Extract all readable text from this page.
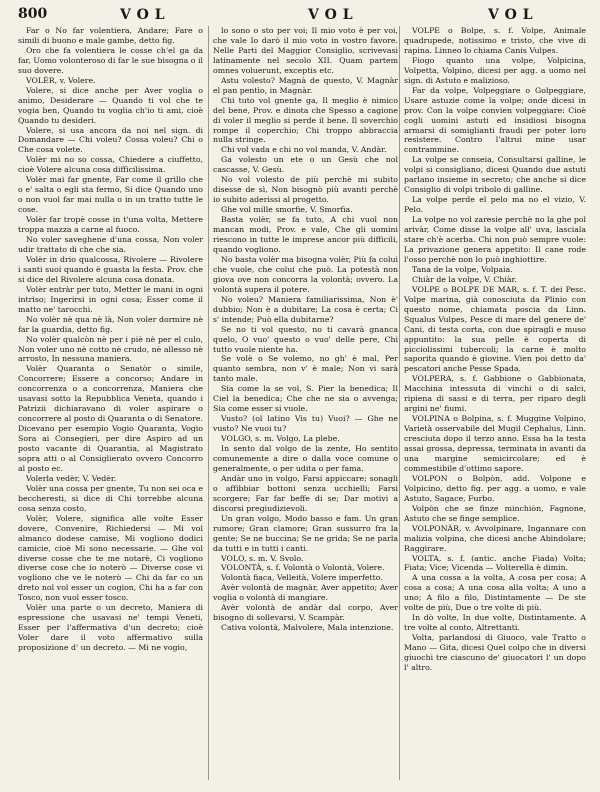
800	VOL	VOL	VOL

Far o No far volentiera, Andare; Fare o simili di buono e male gambe, detto fig.

Oro che fa volentiera le cosse ch'el ga da far, Uomo volonteroso di far le sue bisogna o il suo dovere.

VOLÈR, v. Volere.

Volere, si dice anche per Aver voglia o animo, Desiderare — Quando ti vol che te vogia ben, Quando tu voglia ch'io ti ami, cioè Quando tu desideri.

Volere, si usa ancora da noi nel sign. di Domandare — Chi voleu? Cossa voleu? Chi o Che cosa volete.

Volèr mi no so cossa, Chiedere a ciuffetto, cioè Volere alcuna cosa difficilissima.

Volèr mai far gnente, Far come il grillo che o e' salta o egli sta fermo, Si dice Quando uno o non vuol far mai nulla o in un tratto tutte le cose.

Volèr far tropè cosse in t'una volta, Mettere troppa mazza a carne al fuoco.

No voler saveghene d'una cossa, Non voler udir trattato di che che sia.

Volèr in drio qualcossa, Rivolere — Rivolere i santi suoi quando è guasta la festa. Prov. che si dice del Rivolere alcuna cosa donata.

Volèr entràr per tuto, Metter le mani in ogni intriso; Ingerirsi in ogni cosa; Esser come il matto ne' tarocchi.

No volèr nè qua nè là, Non voler dormire nè far la guardia, detto fig.

No volèr qualcòn nè per i piè nè per el culo, Non voler uno nè cotto nè crudo, nè allesso nè arrosto, In nessuna maniera.

Volèr Quaranta o Senatòr o simile, Concorrere; Essere a concorso; Andare in concorrenza o a concorrenza, Maniera che usavasi sotto la Repubblica Veneta, quando i Patrizii dichiaravano di voler aspirare o concorrere al posto di Quaranta o di Senatore. Dicevano per esempio Vogio Quaranta, Vogio Sora ai Consegieri, per dire Aspiro ad un posto vacante di Quarantia, al Magistrato sopra atti o al Consiglierato ovvero Concorro al posto ec.

Volerla vedèr, V. Vedèr.

Volèr una cossa per gnente, Tu non sei oca e beccheresti, si dice di Chi torrebbe alcuna cosa senza costo.

Volèr, Volere, significa alle volte Esser dovere, Convenire, Richiedersi — Mi vol almanco dodese camise, Mi vogliono dodici camicie, cioè Mi sono necessarie. — Ghe vol diverse cosse che te me notarè, Ci vogliono diverse cose che io noterò — Diverse cose vi vogliono che ve le noterò — Chi da far co un dreto nol vol esser un cogion, Chi ha a far con Tosco, non vuol esser tosco.

Volèr una parte o un decreto, Maniera di espressione che usavasi ne' tempi Veneti, Esser per l'affermativa d'un decreto; cioè Voler dare il voto affermativo sulla proposizione d' un decreto. — Mi ne vogio,

lo sono o sto per voi; Il mio voto è per voi, che vale Io darò il mio voto in vostro favore. Nelle Parti del Maggior Consiglio, scrivevasi latinamente nel secolo XII. Quam partem omnes voluerunt, exceptis etc.

Astu volesto? Magnà de questo, V. Magnàr el pan pentìo, in Magnàr.

Chi tuto vol gnente ga, Il meglio è nimico del bene, Prov. e dinota che Spesso a cagione di voler il meglio si perde il bene. Il soverchio rompe il coperchio; Chi troppo abbraccia nulla stringe.

Chi vol vada e chi no vol manda, V. Andàr.

Ga volesto un ete o un Gesù che nol cascasse, V. Gesù.

No vol volesto de più perchè mi subito disesse de sì, Non bisognò più avanti perchè io subito aderissi al progetto.

Ghe vol mille smorfie, V. Smorfia.

Basta volèr, se fa tuto, A chi vuol non mancan modi, Prov. e vale, Che gli uomini riescono in tutte le imprese ancor più difficili, quando vogliono.

No basta volèr ma bisogna volèr, Più fa colui che vuole, che colui che può. La potestà non giova ove non concorra la volontà; ovvero. La volontà supera il potere.

No voleu? Maniera familiarissima, Non è' dubbio; Non è a dubitare; La cosa è certa; Ci s' intende; Può ella dubitarne?

Se no ti vol questo, no ti cavarà gnanca quelo, O vuo' questo o vuo' delle pere, Chi tutto vuole niente ha.

Se volè o Se volemo, no gh' è mal, Per quanto sembra, non v' è male; Non vi sarà tanto male.

Sia come la se vol, S. Pier la benedica; Il Ciel la benedica; Che che ne sia o avvenga; Sia come esser si vuole.

Vusto? (ol latino Vis tu) Vuoi? — Ghe ne vusto? Ne vuoi tu?

VOLGO, s. m. Volgo, La plebe.

In sento dal volgo de la zente, Ho sentito comunemente a dire o dalla voce comune o generalmente, o per udita o per fama.

Andàr uno in volgo, Farsi appiccare; sonagli o affibbiar bottoni senza ucchielli; Farsi scorgere; Far far beffe di se; Dar motivi a discorsi pregiudizievoli.

Un gran volgo, Modo basso e fam. Un gran rumore; Gran clamore; Gran sussurro fra la gente; Se ne buccina; Se ne grida; Se ne parla da tutti e in tutti i canti.

VOLO, s. m. V. Svolo.

VOLONTÀ, s. f. Volontà o Volontà, Volere.

Volontà fiaca, Velleità, Volere imperfetto.

Avèr volontà de magnàr, Aver appetito; Aver voglia o volontà di mangiare.

Avèr volontà de andàr dal corpo, Aver bisogno di sollevarsi, V. Scampàr.

Cativa volontà, Malvolere, Mala intenzione.

VOLPE o Bolpe, s. f. Volpe, Animale quadrupede, notissimo e tristo, che vive di rapina. Linneo lo chiama Canis Vulpes.

Fiogo quanto una volpe, Volpicina, Volpetta, Volpino, dicesi per agg. a uomo nel sign. di Astuto e malizioso.

Far da volpe, Volpeggiare o Golpeggiare, Usare astuzie come la volpe; onde dicesi in prov. Con la volpe convien volpeggiare: Cioè cogli uomini astuti ed insidiosi bisogna armarsi di somiglianti fraudi per poter loro resistere. Contro l'altrui mine usar contrammine.

La volpe se conseia, Consultarsi galline, le volpi si consigliano, dicesi Quando due astuti parlano insieme in secreto; che anche si dice Consiglio di volpi tribolo di galline.

La volpe perde el pelo ma no el vizio, V. Pelo.

La volpe no vol zaresie perchè no la ghe pol arivàr, Come disse la volpe all' uva, lasciala stare ch'è acerba. Chi non può sempre vuole: La privazione genera appetito: Il cane rode l'osso perchè non lo può inghiottire.

Tana de la volpe, Volpaia.

Chiàr de la volpe, V. Chiàr.

VOLPE o BOLPE DE MAR, s. f. T. dei Pesc. Volpe marina, già conosciuta da Plinio con questo nome, chiamata poscia da Linn. Squalus Vulpes, Pesce di mare del genere de' Cani, di testa corta, con due spiragli e muso appuntito: la sua pelle è coperta di picciolissimi tubercoli; la carne è molto saporita quando è giovine. Vien poi detto da' pescatori anche Pesse Spada.

VOLPERA, s. f. Gabbione o Gabbionata, Macchina intessuta di vinchi o di salci, ripiena di sassi e di terra, per riparo degli argini ne' fiumi.

VOLPINA o Bolpina, s. f. Muggine Volpino, Varietà osservabile del Mugil Cephalus, Linn. cresciuta dopo il terzo anno. Essa ha la testa assai grossa, depressa, terminata in avanti da una margine semicircolare; ed è commestibile d'ottimo sapore.

VOLPON o Bolpòn, add. Volpone e Volpicino, detto fig. per agg. a uomo, e vale Astuto, Sagace, Furbo.

Volpòn che se finze minchiòn, Fagnone, Astuto che se finge semplice.

VOLPONÀR, v. Avvolpinare, Ingannare con malizia volpina, che dicesi anche Abindolare; Raggirare.

VOLTA, s. f. (antic. anche Fiada) Volta; Fiata; Vice; Vicenda — Volterella è dimin.

A una cossa a la volta, A cosa per cosa; A cosa a cosa; A una cosa alla volta; A uno a uno; A filo a filo, Distintamente — De ste volte de più, Due o tre volte di più.

In dò volte, In due volte, Distintamente. A tre volte al conto, Altrettanti.

Volta, parlandosi di Giuoco, vale Tratto o Mano — Gita, dicesi Quel colpo che in diversi giuochi tre ciascuno de' giuocatori l' un dopo l' altro.
